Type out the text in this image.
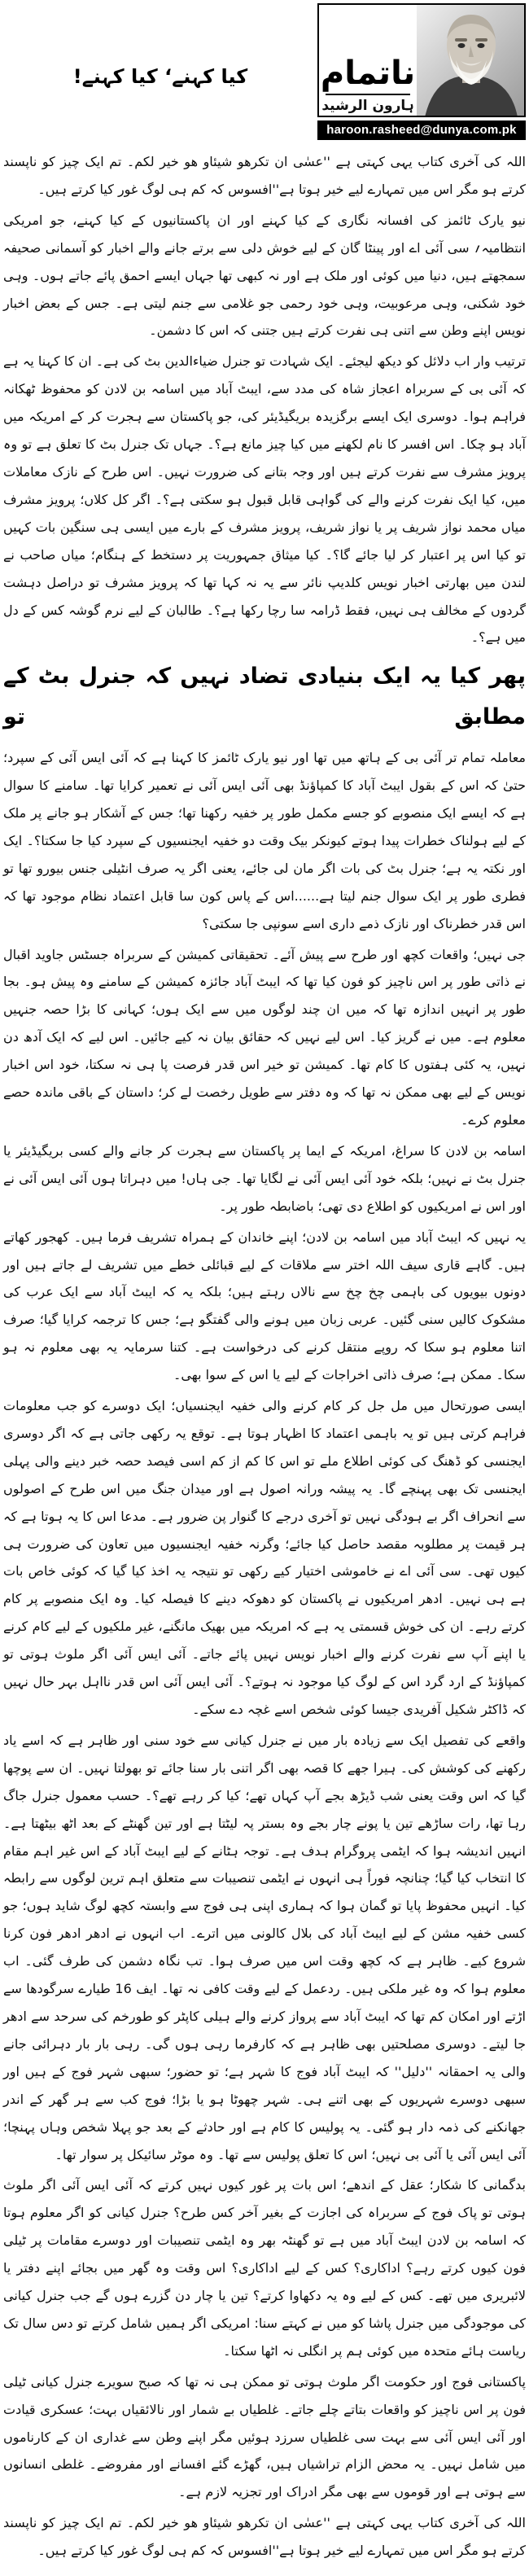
ناتمام
ہارون الرشید
haroon.rasheed@dunya.com.pk
کیا کہنے‘ کیا کہنے!

اللہ کی آخری کتاب یہی کہتی ہے ''عسٰی ان تکرھو شیئاو ھو خیر لکم۔ تم ایک چیز کو ناپسند کرتے ہو مگر اس میں تمہارے لیے خیر ہوتا ہے''افسوس کہ کم ہی لوگ غور کیا کرتے ہیں۔

نیو یارک ٹائمز کی افسانہ نگاری کے کیا کہنے اور ان پاکستانیوں کے کیا کہنے، جو امریکی انتظامیہ؍ سی آئی اے اور پینٹا گان کے لیے خوش دلی سے برتے جانے والے اخبار کو آسمانی صحیفہ سمجھتے ہیں، دنیا میں کوئی اور ملک ہے اور نہ کبھی تھا جہاں ایسے احمق پائے جاتے ہوں۔ وہی خود شکنی، وہی مرعوبیت، وہی خود رحمی جو غلامی سے جنم لیتی ہے۔ جس کے بعض اخبار نویس اپنے وطن سے اتنی ہی نفرت کرتے ہیں جتنی کہ اس کا دشمن۔

ترتیب وار اب دلائل کو دیکھ لیجئے۔ ایک شہادت تو جنرل ضیاءالدین بٹ کی ہے۔ ان کا کہنا یہ ہے کہ آئی بی کے سربراہ اعجاز شاہ کی مدد سے، ایبٹ آباد میں اسامہ بن لادن کو محفوظ ٹھکانہ فراہم ہوا۔ دوسری ایک ایسے برگزیدہ بریگیڈیئر کی، جو پاکستان سے ہجرت کر کے امریکہ میں آباد ہو چکا۔ اس افسر کا نام لکھنے میں کیا چیز مانع ہے؟۔ جہاں تک جنرل بٹ کا تعلق ہے تو وہ پرویز مشرف سے نفرت کرتے ہیں اور وجہ بتانے کی ضرورت نہیں۔ اس طرح کے نازک معاملات میں، کیا ایک نفرت کرنے والے کی گواہی قابل قبول ہو سکتی ہے؟۔ اگر کل کلاں؛ پرویز مشرف میاں محمد نواز شریف پر یا نواز شریف، پرویز مشرف کے بارے میں ایسی ہی سنگین بات کہیں تو کیا اس پر اعتبار کر لیا جائے گا؟۔ کیا میثاق جمہوریت پر دستخط کے ہنگام؛ میاں صاحب نے لندن میں بھارتی اخبار نویس کلدیپ نائر سے یہ نہ کہا تھا کہ پرویز مشرف تو دراصل دہشت گردوں کے مخالف ہی نہیں، فقط ڈرامہ سا رچا رکھا ہے؟۔ طالبان کے لیے نرم گوشہ کس کے دل میں ہے؟۔

پھر کیا یہ ایک بنیادی تضاد نہیں کہ جنرل بٹ کے مطابق تو

معاملہ تمام تر آئی بی کے ہاتھ میں تھا اور نیو یارک ٹائمز کا کہنا ہے کہ آئی ایس آئی کے سپرد؛ حتیٰ کہ اس کے بقول ایبٹ آباد کا کمپاؤنڈ بھی آئی ایس آئی نے تعمیر کرایا تھا۔ سامنے کا سوال ہے کہ ایسے ایک منصوبے کو جسے مکمل طور پر خفیہ رکھنا تھا؛ جس کے آشکار ہو جانے پر ملک کے لیے ہولناک خطرات پیدا ہوتے کیونکر بیک وقت دو خفیہ ایجنسیوں کے سپرد کیا جا سکتا؟۔ ایک اور نکتہ یہ ہے؛ جنرل بٹ کی بات اگر مان لی جائے، یعنی اگر یہ صرف انٹیلی جنس بیورو تھا تو فطری طور پر ایک سوال جنم لیتا ہے......اس کے پاس کون سا قابل اعتماد نظام موجود تھا کہ اس قدر خطرناک اور نازک ذمے داری اسے سونپی جا سکتی؟

جی نہیں؛ واقعات کچھ اور طرح سے پیش آئے۔ تحقیقاتی کمیشن کے سربراہ جسٹس جاوید اقبال نے ذاتی طور پر اس ناچیز کو فون کیا تھا کہ ایبٹ آباد جائزہ کمیشن کے سامنے وہ پیش ہو۔ بجا طور پر انہیں اندازہ تھا کہ میں ان چند لوگوں میں سے ایک ہوں؛ کہانی کا بڑا حصہ جنہیں معلوم ہے۔ میں نے گریز کیا۔ اس لیے نہیں کہ حقائق بیان نہ کیے جائیں۔ اس لیے کہ ایک آدھ دن نہیں، یہ کئی ہفتوں کا کام تھا۔ کمیشن تو خیر اس قدر فرصت پا ہی نہ سکتا، خود اس اخبار نویس کے لیے بھی ممکن نہ تھا کہ وہ دفتر سے طویل رخصت لے کر؛ داستان کے باقی ماندہ حصے معلوم کرے۔

اسامہ بن لادن کا سراغ، امریکہ کے ایما پر پاکستان سے ہجرت کر جانے والے کسی بریگیڈیئر یا جنرل بٹ نے نہیں؛ بلکہ خود آئی ایس آئی نے لگایا تھا۔ جی ہاں! میں دہراتا ہوں آئی ایس آئی نے اور اس نے امریکیوں کو اطلاع دی تھی؛ باضابطہ طور پر۔

یہ نہیں کہ ایبٹ آباد میں اسامہ بن لادن؛ اپنے خاندان کے ہمراہ تشریف فرما ہیں۔ کھجور کھاتے ہیں۔ گاہے قاری سیف اللہ اختر سے ملاقات کے لیے قبائلی خطے میں تشریف لے جاتے ہیں اور دونوں بیویوں کی باہمی چخ چخ سے نالاں رہتے ہیں؛ بلکہ یہ کہ ایبٹ آباد سے ایک عرب کی مشکوک کالیں سنی گئیں۔ عربی زبان میں ہونے والی گفتگو ہے؛ جس کا ترجمہ کرایا گیا؛ صرف اتنا معلوم ہو سکا کہ روپے منتقل کرنے کی درخواست ہے۔ کتنا سرمایہ یہ بھی معلوم نہ ہو سکا۔ ممکن ہے؛ صرف ذاتی اخراجات کے لیے یا اس کے سوا بھی۔

ایسی صورتحال میں مل جل کر کام کرنے والی خفیہ ایجنسیاں؛ ایک دوسرے کو جب معلومات فراہم کرتی ہیں تو یہ باہمی اعتماد کا اظہار ہوتا ہے۔ توقع یہ رکھی جاتی ہے کہ اگر دوسری ایجنسی کو ڈھنگ کی کوئی اطلاع ملے تو اس کا کم از کم اسی فیصد حصہ خبر دینے والی پہلی ایجنسی تک بھی پہنچے گا۔ یہ پیشہ ورانہ اصول ہے اور میدان جنگ میں اس طرح کے اصولوں سے انحراف اگر بے ہودگی نہیں تو آخری درجے کا گنوار پن ضرور ہے۔ مدعا اس کا یہ ہوتا ہے کہ ہر قیمت پر مطلوبہ مقصد حاصل کیا جائے؛ وگرنہ خفیہ ایجنسیوں میں تعاون کی ضرورت ہی کیوں تھی۔ سی آئی اے نے خاموشی اختیار کیے رکھی تو نتیجہ یہ اخذ کیا گیا کہ کوئی خاص بات ہے ہی نہیں۔ ادھر امریکیوں نے پاکستان کو دھوکہ دینے کا فیصلہ کیا۔ وہ ایک منصوبے پر کام کرتے رہے۔ ان کی خوش قسمتی یہ ہے کہ امریکہ میں بھیک مانگنے، غیر ملکیوں کے لیے کام کرنے یا اپنے آپ سے نفرت کرنے والے اخبار نویس نہیں پائے جاتے۔ آئی ایس آئی اگر ملوث ہوتی تو کمپاؤنڈ کے ارد گرد اس کے لوگ کیا موجود نہ ہوتے؟۔ آئی ایس آئی اس قدر نااہل بہر حال نہیں کہ ڈاکٹر شکیل آفریدی جیسا کوئی شخص اسے غچہ دے سکے۔

واقعے کی تفصیل ایک سے زیادہ بار میں نے جنرل کیانی سے خود سنی اور ظاہر ہے کہ اسے یاد رکھنے کی کوشش کی۔ ہیرا جھے کا قصہ بھی اگر اتنی بار سنا جائے تو بھولتا نہیں۔ ان سے پوچھا گیا کہ اس وقت یعنی شب ڈیڑھ بجے آپ کہاں تھے؛ کیا کر رہے تھے؟۔ حسب معمول جنرل جاگ رہا تھا، رات ساڑھے تین یا پونے چار بجے وہ بستر پہ لیٹتا ہے اور تین گھنٹے کے بعد اٹھ بیٹھتا ہے۔ انہیں اندیشہ ہوا کہ ایٹمی پروگرام ہدف ہے۔ توجہ ہٹانے کے لیے ایبٹ آباد کے اس غیر اہم مقام کا انتخاب کیا گیا؛ چنانچہ فوراً ہی انہوں نے ایٹمی تنصیبات سے متعلق اہم ترین لوگوں سے رابطہ کیا۔ انہیں محفوظ پایا تو گمان ہوا کہ ہماری اپنی ہی فوج سے وابستہ کچھ لوگ شاید ہوں؛ جو کسی خفیہ مشن کے لیے ایبٹ آباد کی بلال کالونی میں اترے۔ اب انہوں نے ادھر ادھر فون کرنا شروع کیے۔ ظاہر ہے کہ کچھ وقت اس میں صرف ہوا۔ تب نگاہ دشمن کی طرف گئی۔ اب معلوم ہوا کہ وہ غیر ملکی ہیں۔ ردعمل کے لیے وقت کافی نہ تھا۔ ایف 16 طیارے سرگودھا سے اڑتے اور امکان کم تھا کہ ایبٹ آباد سے پرواز کرنے والے ہیلی کاپٹر کو طورخم کی سرحد سے ادھر جا لیتے۔ دوسری مصلحتیں بھی ظاہر ہے کہ کارفرما رہی ہوں گی۔ رہی بار بار دہرائی جانے والی یہ احمقانہ ''دلیل'' کہ ایبٹ آباد فوج کا شہر ہے؛ تو حضور؛ سبھی شہر فوج کے ہیں اور سبھی دوسرے شہریوں کے بھی اتنے ہی۔ شہر چھوٹا ہو یا بڑا؛ فوج کب سے ہر گھر کے اندر جھانکنے کی ذمہ دار ہو گئی۔ یہ پولیس کا کام ہے اور حادثے کے بعد جو پہلا شخص وہاں پہنچا؛ آئی ایس آئی یا آئی بی نہیں؛ اس کا تعلق پولیس سے تھا۔ وہ موٹر سائیکل پر سوار تھا۔

بدگمانی کا شکار؛ عقل کے اندھے؛ اس بات پر غور کیوں نہیں کرتے کہ آئی ایس آئی اگر ملوث ہوتی تو پاک فوج کے سربراہ کی اجازت کے بغیر آخر کس طرح؟ جنرل کیانی کو اگر معلوم ہوتا کہ اسامہ بن لادن ایبٹ آباد میں ہے تو گھنٹہ بھر وہ ایٹمی تنصیبات اور دوسرے مقامات پر ٹیلی فون کیوں کرتے رہے؟ اداکاری؟ کس کے لیے اداکاری؟ اس وقت وہ گھر میں بجائے اپنے دفتر یا لائبریری میں تھے۔ کس کے لیے وہ یہ دکھاوا کرتے؟ تین یا چار دن گزرے ہوں گے جب جنرل کیانی کی موجودگی میں جنرل پاشا کو میں نے کہتے سنا: امریکی اگر ہمیں شامل کرتے تو دس سال تک ریاست ہائے متحدہ میں کوئی ہم پر انگلی نہ اٹھا سکتا۔

پاکستانی فوج اور حکومت اگر ملوث ہوتی تو ممکن ہی نہ تھا کہ صبح سویرے جنرل کیانی ٹیلی فون پر اس ناچیز کو واقعات بتاتے چلے جاتے۔ غلطیاں بے شمار اور نالائقیاں بہت؛ عسکری قیادت اور آئی ایس آئی سے بہت سی غلطیاں سرزد ہوئیں مگر اپنے وطن سے غداری ان کے کارناموں میں شامل نہیں۔ یہ محض الزام تراشیاں ہیں، گھڑے گئے افسانے اور مفروضے۔ غلطی انسانوں سے ہوتی ہے اور قوموں سے بھی مگر ادراک اور تجزیہ لازم ہے۔

اللہ کی آخری کتاب یہی کہتی ہے ''عسٰی ان تکرھو شیئاو ھو خیر لکم۔ تم ایک چیز کو ناپسند کرتے ہو مگر اس میں تمہارے لیے خیر ہوتا ہے''افسوس کہ کم ہی لوگ غور کیا کرتے ہیں۔
